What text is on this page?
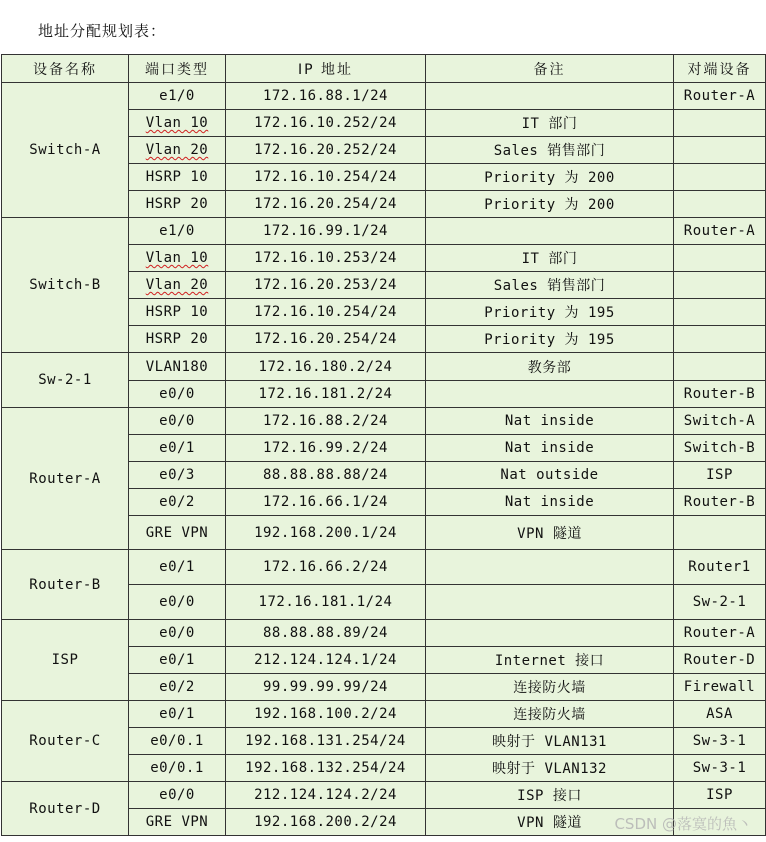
地址分配规划表：
设备名称	端口类型	IP 地址	备注	对端设备
Switch-A	e1/0	172.16.88.1/24		Router-A
	Vlan 10	172.16.10.252/24	IT 部门	
	Vlan 20	172.16.20.252/24	Sales 销售部门	
	HSRP 10	172.16.10.254/24	Priority 为 200	
	HSRP 20	172.16.20.254/24	Priority 为 200	
Switch-B	e1/0	172.16.99.1/24		Router-A
	Vlan 10	172.16.10.253/24	IT 部门	
	Vlan 20	172.16.20.253/24	Sales 销售部门	
	HSRP 10	172.16.10.254/24	Priority 为 195	
	HSRP 20	172.16.20.254/24	Priority 为 195	
Sw-2-1	VLAN180	172.16.180.2/24	教务部	
	e0/0	172.16.181.2/24		Router-B
Router-A	e0/0	172.16.88.2/24	Nat inside	Switch-A
	e0/1	172.16.99.2/24	Nat inside	Switch-B
	e0/3	88.88.88.88/24	Nat outside	ISP
	e0/2	172.16.66.1/24	Nat inside	Router-B
	GRE VPN	192.168.200.1/24	VPN 隧道	
Router-B	e0/1	172.16.66.2/24		Router1
	e0/0	172.16.181.1/24		Sw-2-1
ISP	e0/0	88.88.88.89/24		Router-A
	e0/1	212.124.124.1/24	Internet 接口	Router-D
	e0/2	99.99.99.99/24	连接防火墙	Firewall
Router-C	e0/1	192.168.100.2/24	连接防火墙	ASA
	e0/0.1	192.168.131.254/24	映射于 VLAN131	Sw-3-1
	e0/0.1	192.168.132.254/24	映射于 VLAN132	Sw-3-1
Router-D	e0/0	212.124.124.2/24	ISP 接口	ISP
	GRE VPN	192.168.200.2/24	VPN 隧道	CSDN @落寞的魚丶
